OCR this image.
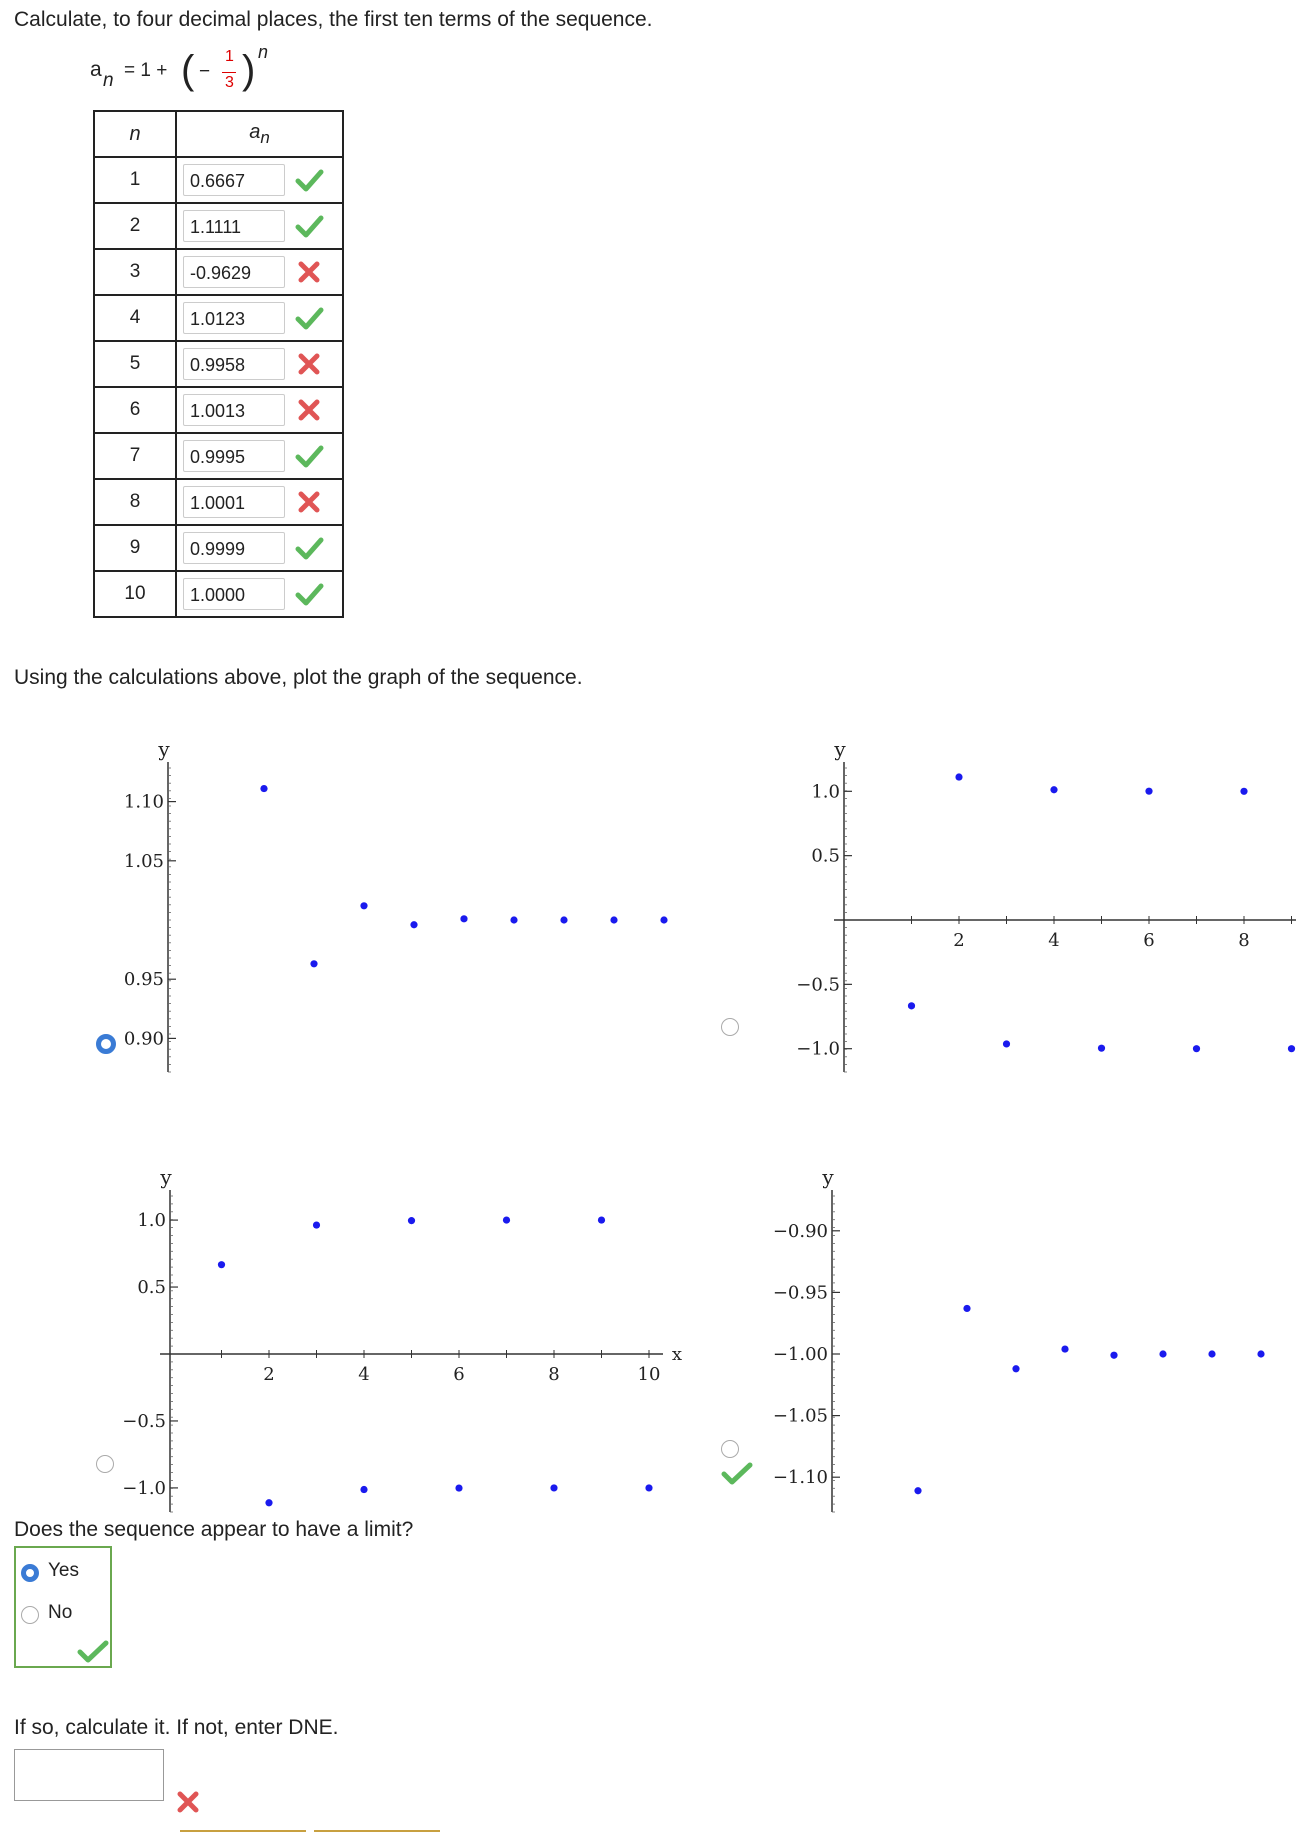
Calculate, to four decimal places, the first ten terms of the sequence.
a n = 1 + ( −
1
3 ) n
n	$a_n$
1	0.6667

2	1.1111

3	-0.9629

4	1.0123

5	0.9958

6	1.0013

7	0.9995

8	1.0001

9	0.9999

10	1.0000
Using the calculations above, plot the graph of the sequence.
y
1.10
1.05
0.95
0.90
y
1.0
0.5
−0.5
−1.0
2	4	6	8
y
1.0
0.5
−0.5
−1.0
2	4	6	8	10
x
y
−0.90
−0.95
−1.00
−1.05
−1.10
Does the sequence appear to have a limit?
Yes
No
If so, calculate it. If not, enter DNE.
